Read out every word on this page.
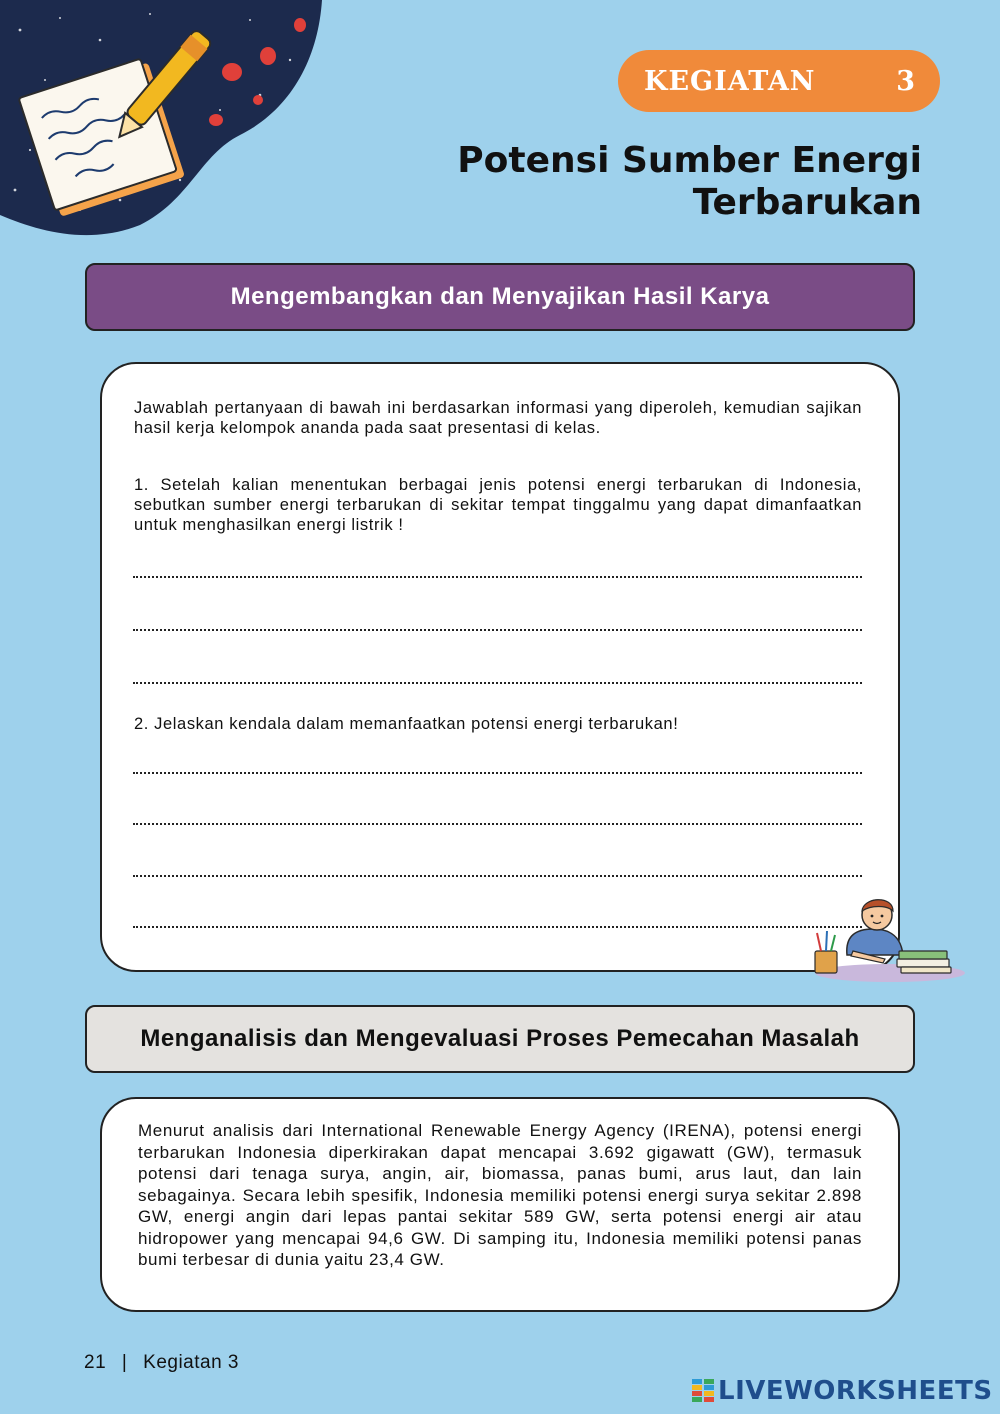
KEGIATAN	3
Potensi Sumber Energi
Terbarukan
Mengembangkan dan Menyajikan Hasil Karya
Jawablah pertanyaan di bawah ini berdasarkan informasi yang diperoleh, kemudian sajikan hasil kerja kelompok ananda pada saat presentasi di kelas.
1. Setelah kalian menentukan berbagai jenis potensi energi terbarukan di Indonesia, sebutkan sumber energi terbarukan di sekitar tempat tinggalmu yang dapat dimanfaatkan untuk menghasilkan energi listrik !
2. Jelaskan kendala dalam memanfaatkan potensi energi terbarukan!
Menganalisis dan Mengevaluasi Proses Pemecahan Masalah
Menurut analisis dari International Renewable Energy Agency (IRENA), potensi energi terbarukan Indonesia diperkirakan dapat mencapai 3.692 gigawatt (GW), termasuk potensi dari tenaga surya, angin, air, biomassa, panas bumi, arus laut, dan lain sebagainya. Secara lebih spesifik, Indonesia memiliki potensi energi surya sekitar 2.898 GW, energi angin dari lepas pantai sekitar 589 GW, serta potensi energi air atau hidropower yang mencapai 94,6 GW. Di samping itu, Indonesia memiliki potensi panas bumi terbesar di dunia yaitu 23,4 GW.
21 | Kegiatan 3
LIVEWORKSHEETS
